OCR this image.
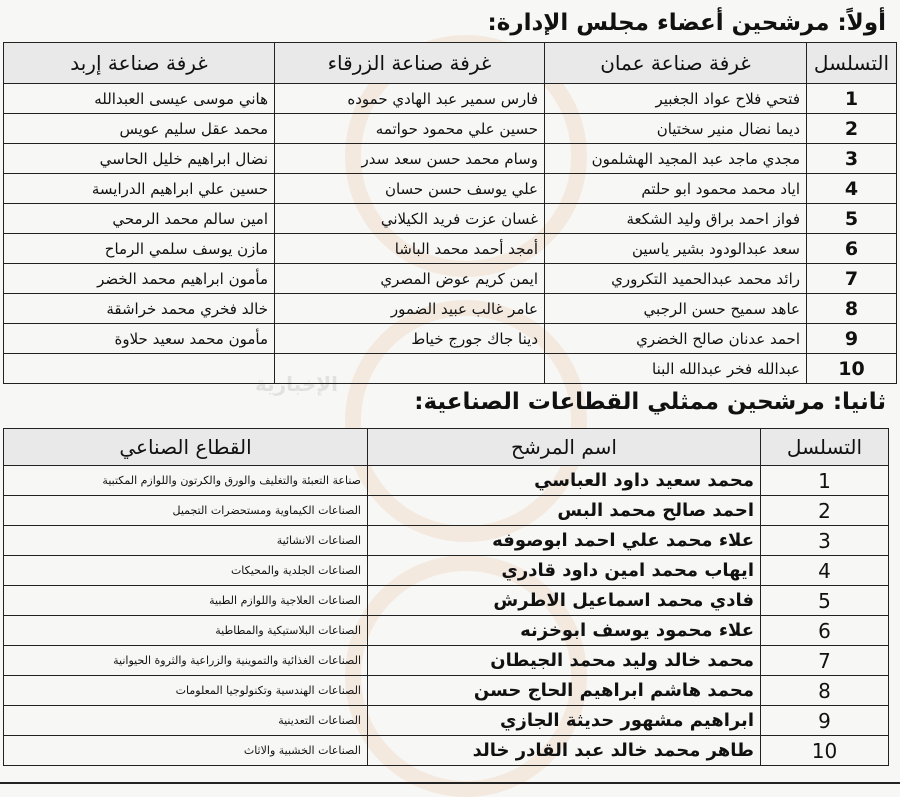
الإخبارية
أولاً: مرشحين أعضاء مجلس الإدارة:
التسلسل	غرفة صناعة عمان	غرفة صناعة الزرقاء	غرفة صناعة إربد
1	فتحي فلاح عواد الجغبير	فارس سمير عبد الهادي حموده	هاني موسى عيسى العبدالله
2	ديما نضال منير سختيان	حسين علي محمود حواتمه	محمد عقل سليم عويس
3	مجدي ماجد عبد المجيد الهشلمون	وسام محمد حسن سعد سدر	نضال ابراهيم خليل الحاسي
4	اياد محمد محمود ابو حلتم	علي يوسف حسن حسان	حسين علي ابراهيم الدرايسة
5	فواز احمد براق وليد الشكعة	غسان عزت فريد الكيلاني	امين سالم محمد الرمحي
6	سعد عبدالودود بشير ياسين	أمجد أحمد محمد الباشا	مازن يوسف سلمي الرماح
7	رائد محمد عبدالحميد التكروري	ايمن كريم عوض المصري	مأمون ابراهيم محمد الخضر
8	عاهد سميح حسن الرجبي	عامر غالب عبيد الضمور	خالد فخري محمد خراشقة
9	احمد عدنان صالح الخضري	دينا جاك جورج خياط	مأمون محمد سعيد حلاوة
10	عبدالله فخر عبدالله البنا		
ثانيا: مرشحين ممثلي القطاعات الصناعية:
التسلسل	اسم المرشح	القطاع الصناعي
1	محمد سعيد داود العباسي	صناعة التعبئة والتغليف والورق والكرتون واللوازم المكتبية
2	احمد صالح محمد البس	الصناعات الكيماوية ومستحضرات التجميل
3	علاء محمد علي احمد ابوصوفه	الصناعات الانشائية
4	ايهاب محمد امين داود قادري	الصناعات الجلدية والمحيكات
5	فادي محمد اسماعيل الاطرش	الصناعات العلاجية واللوازم الطبية
6	علاء محمود يوسف ابوخزنه	الصناعات البلاستيكية والمطاطية
7	محمد خالد وليد محمد الجيطان	الصناعات الغذائية والتموينية والزراعية والثروة الحيوانية
8	محمد هاشم ابراهيم الحاج حسن	الصناعات الهندسية وتكنولوجيا المعلومات
9	ابراهيم مشهور حديثة الجازي	الصناعات التعدينية
10	طاهر محمد خالد عبد القادر خالد	الصناعات الخشبية والاثاث
